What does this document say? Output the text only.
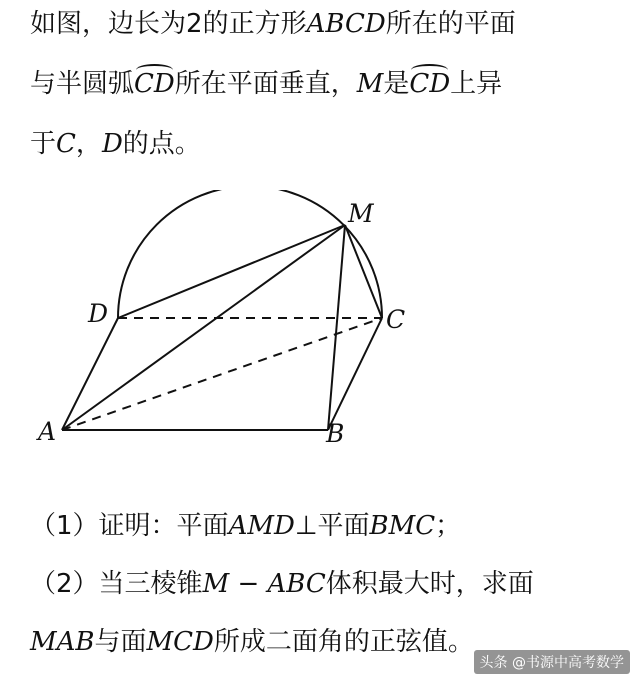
如图，边长为2的正方形ABCD所在的平面
与半圆弧CD所在平面垂直，M是CD上异
于C，D的点。
M
D	C
A	B
（1）证明：平面AMD⊥平面BMC；
（2）当三棱锥M − ABC体积最大时，求面
MAB与面MCD所成二面角的正弦值。
头条 @书源中高考数学
